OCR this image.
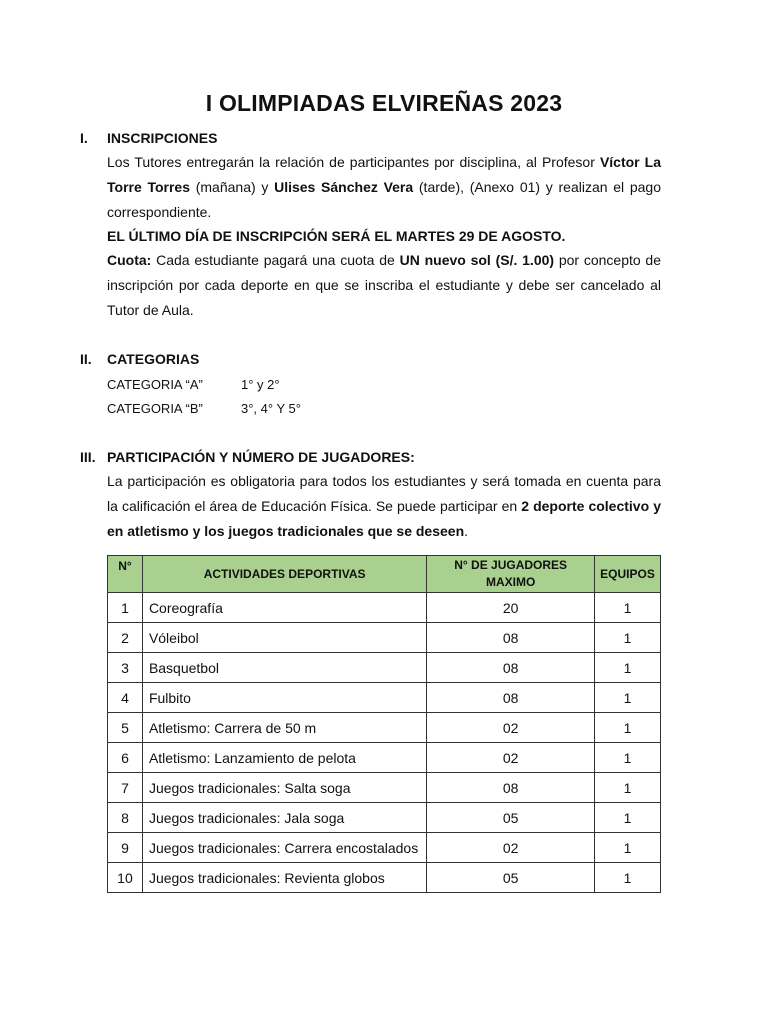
I OLIMPIADAS ELVIREÑAS 2023
I. INSCRIPCIONES
Los Tutores entregarán la relación de participantes por disciplina, al Profesor Víctor La Torre Torres (mañana) y Ulises Sánchez Vera (tarde), (Anexo 01) y realizan el pago correspondiente.
EL ÚLTIMO DÍA DE INSCRIPCIÓN SERÁ EL MARTES 29 DE AGOSTO.
Cuota: Cada estudiante pagará una cuota de UN nuevo sol (S/. 1.00) por concepto de inscripción por cada deporte en que se inscriba el estudiante y debe ser cancelado al Tutor de Aula.
II. CATEGORIAS
CATEGORIA “A”	1° y 2°
CATEGORIA “B”	3°, 4° Y 5°
III. PARTICIPACIÓN Y NÚMERO DE JUGADORES:
La participación es obligatoria para todos los estudiantes y será tomada en cuenta para la calificación el área de Educación Física. Se puede participar en 2 deporte colectivo y en atletismo y los juegos tradicionales que se deseen.
N°	ACTIVIDADES DEPORTIVAS	N° DE JUGADORES MAXIMO	EQUIPOS
1	Coreografía	20	1
2	Vóleibol	08	1
3	Basquetbol	08	1
4	Fulbito	08	1
5	Atletismo: Carrera de 50 m	02	1
6	Atletismo: Lanzamiento de pelota	02	1
7	Juegos tradicionales: Salta soga	08	1
8	Juegos tradicionales: Jala soga	05	1
9	Juegos tradicionales: Carrera encostalados	02	1
10	Juegos tradicionales: Revienta globos	05	1
